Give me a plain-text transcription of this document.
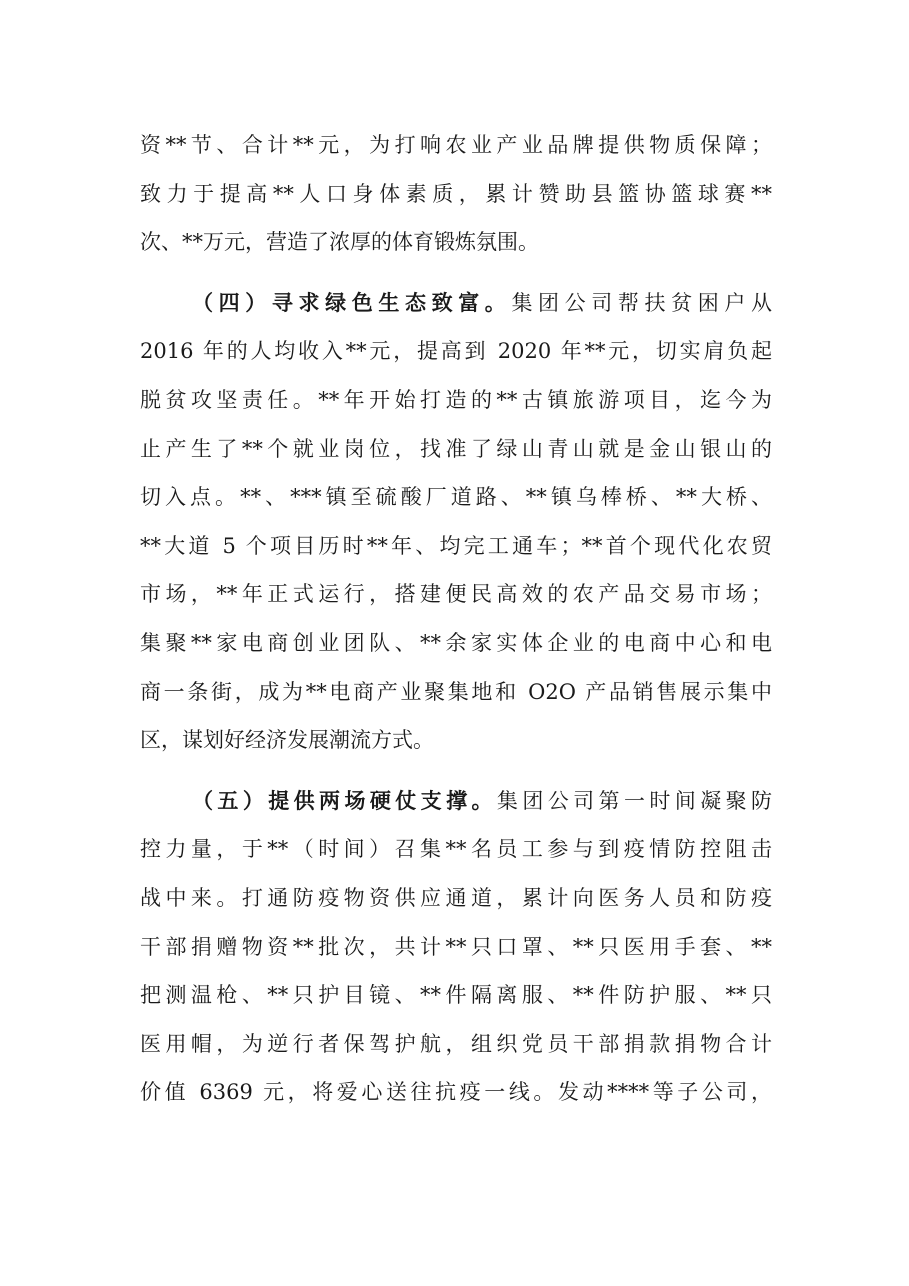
资**节、合计**元，为打响农业产业品牌提供物质保障；
致力于提高**人口身体素质，累计赞助县篮协篮球赛**
次、**万元，营造了浓厚的体育锻炼氛围。
（四）寻求绿色生态致富。集团公司帮扶贫困户从
2016 年的人均收入**元，提高到 2020 年**元，切实肩负起
脱贫攻坚责任。**年开始打造的**古镇旅游项目，迄今为
止产生了**个就业岗位，找准了绿山青山就是金山银山的
切入点。**、***镇至硫酸厂道路、**镇乌棒桥、**大桥、
**大道 5 个项目历时**年、均完工通车；**首个现代化农贸
市场，**年正式运行，搭建便民高效的农产品交易市场；
集聚**家电商创业团队、**余家实体企业的电商中心和电
商一条街，成为**电商产业聚集地和 O2O 产品销售展示集中
区，谋划好经济发展潮流方式。
（五）提供两场硬仗支撑。集团公司第一时间凝聚防
控力量，于**（时间）召集**名员工参与到疫情防控阻击
战中来。打通防疫物资供应通道，累计向医务人员和防疫
干部捐赠物资**批次，共计**只口罩、**只医用手套、**
把测温枪、**只护目镜、**件隔离服、**件防护服、**只
医用帽，为逆行者保驾护航，组织党员干部捐款捐物合计
价值 6369 元，将爱心送往抗疫一线。发动****等子公司，
